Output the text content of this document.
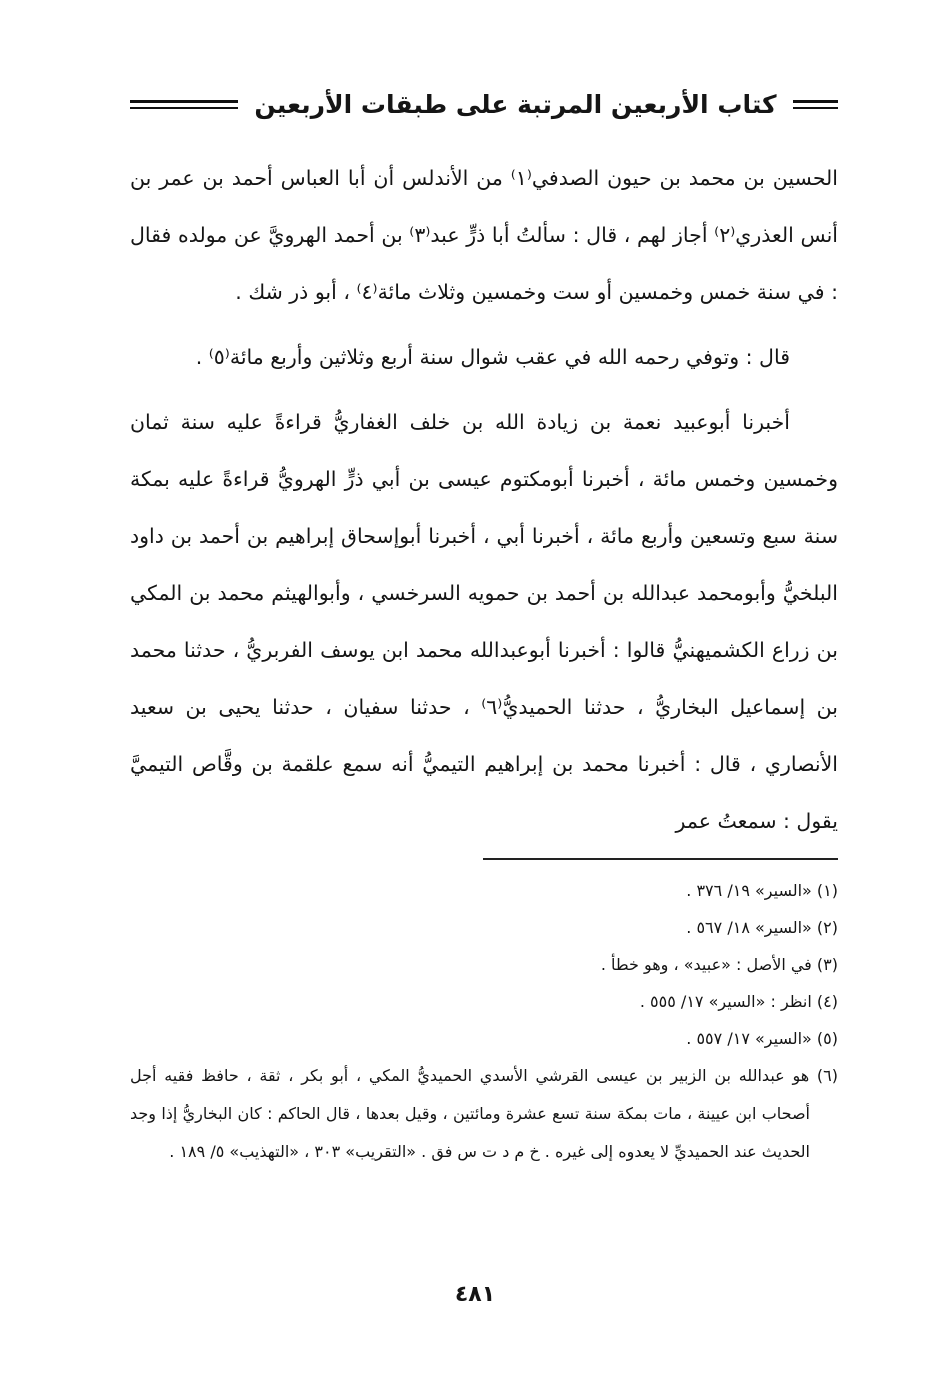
كتاب الأربعين المرتبة على طبقات الأربعين

الحسين بن محمد بن حيون الصدفي⁽١⁾ من الأندلس أن أبا العباس أحمد بن عمر بن أنس العذري⁽٢⁾ أجاز لهم ، قال : سألتُ أبا ذرٍّ عبد⁽٣⁾ بن أحمد الهرويَّ عن مولده فقال : في سنة خمس وخمسين أو ست وخمسين وثلاث مائة⁽٤⁾ ، أبو ذر شك .

قال : وتوفي رحمه الله في عقب شوال سنة أربع وثلاثين وأربع مائة⁽٥⁾ .

أخبرنا أبوعبيد نعمة بن زيادة الله بن خلف الغفاريُّ قراءةً عليه سنة ثمان وخمسين وخمس مائة ، أخبرنا أبومكتوم عيسى بن أبي ذرٍّ الهرويُّ قراءةً عليه بمكة سنة سبع وتسعين وأربع مائة ، أخبرنا أبي ، أخبرنا أبوإسحاق إبراهيم بن أحمد بن داود البلخيُّ وأبومحمد عبدالله بن أحمد بن حمويه السرخسي ، وأبوالهيثم محمد بن المكي بن زراع الكشميهنيُّ قالوا : أخبرنا أبوعبدالله محمد ابن يوسف الفربريُّ ، حدثنا محمد بن إسماعيل البخاريُّ ، حدثنا الحميديُّ⁽٦⁾ ، حدثنا سفيان ، حدثنا يحيى بن سعيد الأنصاري ، قال : أخبرنا محمد بن إبراهيم التيميُّ أنه سمع علقمة بن وقَّاص التيميَّ يقول : سمعتُ عمر

(١) «السير» ١٩/ ٣٧٦ .

(٢) «السير» ١٨/ ٥٦٧ .

(٣) في الأصل : «عبيد» ، وهو خطأ .

(٤) انظر : «السير» ١٧/ ٥٥٥ .

(٥) «السير» ١٧/ ٥٥٧ .

(٦) هو عبدالله بن الزبير بن عيسى القرشي الأسدي الحميديُّ المكي ، أبو بكر ، ثقة ، حافظ فقيه أجل أصحاب ابن عيينة ، مات بمكة سنة تسع عشرة ومائتين ، وقيل بعدها ، قال الحاكم : كان البخاريُّ إذا وجد الحديث عند الحميديِّ لا يعدوه إلى غيره . خ م د ت س فق . «التقريب» ٣٠٣ ، «التهذيب» ٥/ ١٨٩ .

٤٨١
